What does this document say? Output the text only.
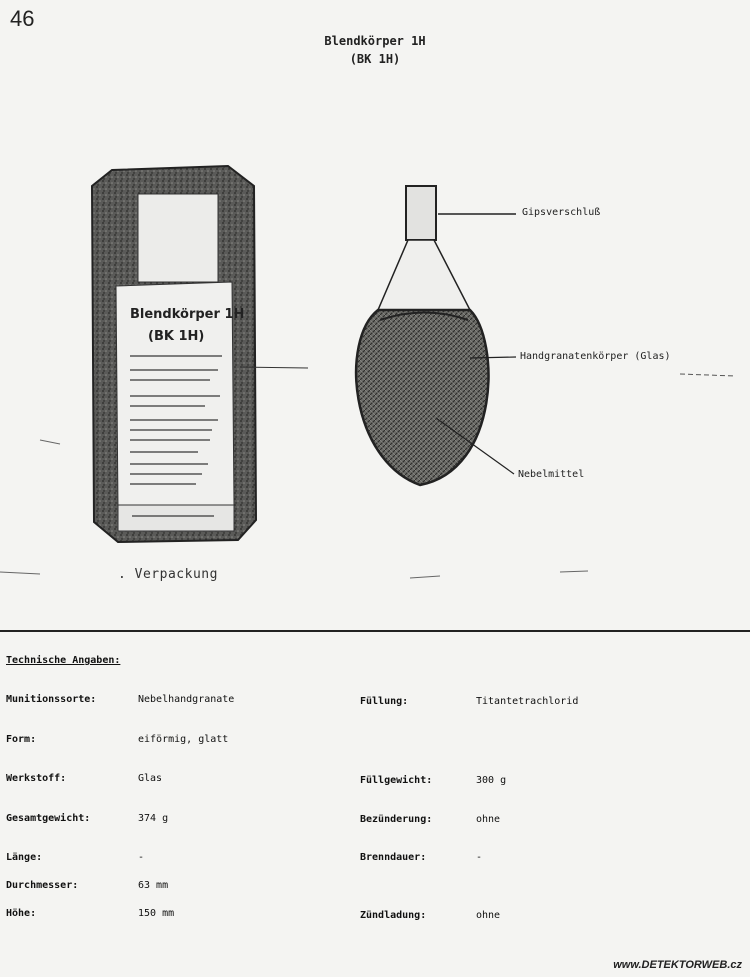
46
Blendkörper 1H
(BK 1H)
Blendkörper 1H
(BK 1H)
Gipsverschluß
Handgranatenkörper (Glas)
Nebelmittel
. Verpackung
Technische Angaben:
Munitionssorte:	Nebelhandgranate
Form:	eiförmig, glatt
Werkstoff:	Glas
Gesamtgewicht:	374 g
Länge:	-
Durchmesser:	63 mm
Höhe:	150 mm
Füllung:	Titantetrachlorid
Füllgewicht:	300 g
Bezünderung:	ohne
Brenndauer:	-
Zündladung:	ohne
www.DETEKTORWEB.cz
